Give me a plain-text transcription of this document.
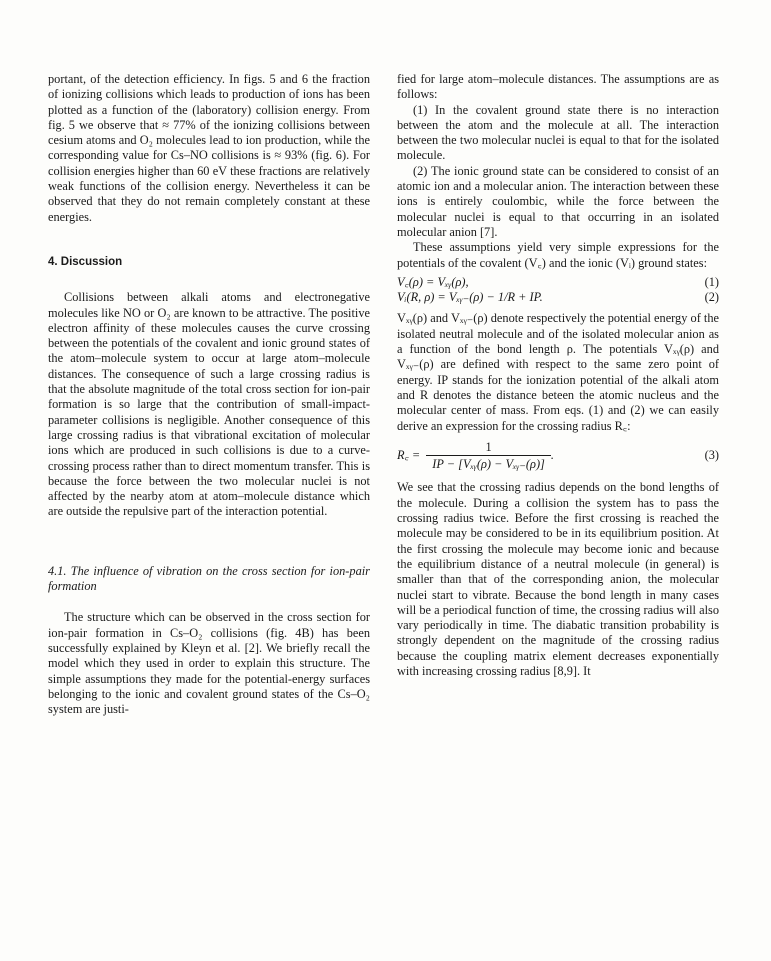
portant, of the detection efficiency. In figs. 5 and 6 the fraction of ionizing collisions which leads to production of ions has been plotted as a function of the (laboratory) collision energy. From fig. 5 we observe that ≈ 77% of the ionizing collisions between cesium atoms and O₂ molecules lead to ion production, while the corresponding value for Cs–NO collisions is ≈ 93% (fig. 6). For collision energies higher than 60 eV these fractions are relatively weak functions of the collision energy. Nevertheless it can be observed that they do not remain completely constant at these energies.

4. Discussion

Collisions between alkali atoms and electronegative molecules like NO or O₂ are known to be attractive. The positive electron affinity of these molecules causes the curve crossing between the potentials of the covalent and ionic ground states of the atom–molecule system to occur at large atom–molecule distances. The consequence of such a large crossing radius is that the absolute magnitude of the total cross section for ion-pair formation is so large that the contribution of small-impact-parameter collisions is negligible. Another consequence of this large crossing radius is that vibrational excitation of molecular ions which are produced in such collisions is due to a curve-crossing process rather than to direct momentum transfer. This is because the force between the two molecular nuclei is not affected by the nearby atom at atom–molecule distance which are outside the repulsive part of the interaction potential.

4.1. The influence of vibration on the cross section for ion-pair formation

The structure which can be observed in the cross section for ion-pair formation in Cs–O₂ collisions (fig. 4B) has been successfully explained by Kleyn et al. [2]. We briefly recall the model which they used in order to explain this structure. The simple assumptions they made for the potential-energy surfaces belonging to the ionic and covalent ground states of the Cs–O₂ system are justi-

fied for large atom–molecule distances. The assumptions are as follows:

(1) In the covalent ground state there is no interaction between the atom and the molecule at all. The interaction between the two molecular nuclei is equal to that for the isolated molecule.

(2) The ionic ground state can be considered to consist of an atomic ion and a molecular anion. The interaction between these ions is entirely coulombic, while the force between the molecular nuclei is equal to that occurring in an isolated molecular anion [7].

These assumptions yield very simple expressions for the potentials of the covalent (V꜀) and the ionic (Vᵢ) ground states:

V꜀(ρ) = Vₓᵧ(ρ),	(1)
Vᵢ(R, ρ) = Vₓᵧ₋(ρ) − 1/R + IP.	(2)

Vₓᵧ(ρ) and Vₓᵧ₋(ρ) denote respectively the potential energy of the isolated neutral molecule and of the isolated molecular anion as a function of the bond length ρ. The potentials Vₓᵧ(ρ) and Vₓᵧ₋(ρ) are defined with respect to the same zero point of energy. IP stands for the ionization potential of the alkali atom and R denotes the distance beteen the atomic nucleus and the molecular center of mass. From eqs. (1) and (2) we can easily derive an expression for the crossing radius R꜀:

R꜀ = $\frac{1}{\text{IP − [Vₓᵧ(ρ) − Vₓᵧ₋(ρ)]}}$ .	(3)

We see that the crossing radius depends on the bond lengths of the molecule. During a collision the system has to pass the crossing radius twice. Before the first crossing is reached the molecule may be considered to be in its equilibrium position. At the first crossing the molecule may become ionic and because the equilibrium distance of a neutral molecule (in general) is smaller than that of the corresponding anion, the molecular nuclei start to vibrate. Because the bond length in many cases will be a periodical function of time, the crossing radius will also vary periodically in time. The diabatic transition probability is strongly dependent on the magnitude of the crossing radius because the coupling matrix element decreases exponentially with increasing crossing radius [8,9]. It
